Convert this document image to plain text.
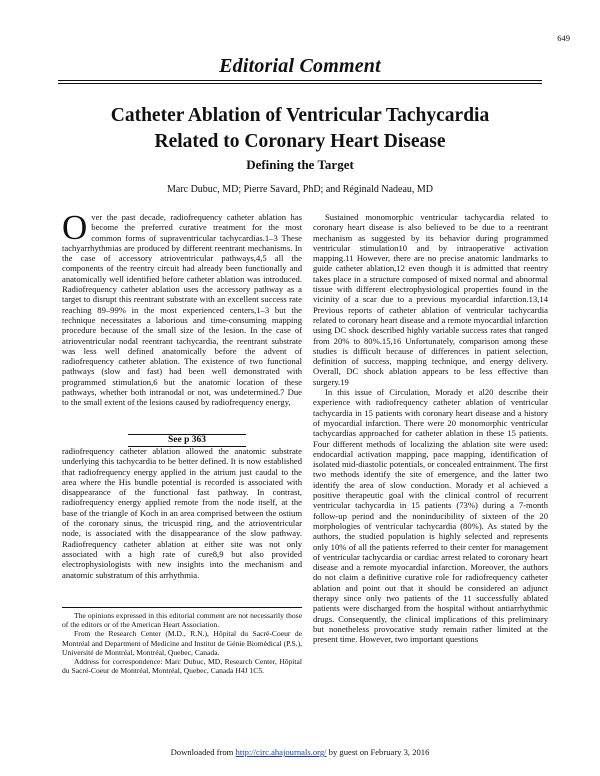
649
Editorial Comment
Catheter Ablation of Ventricular Tachycardia
Related to Coronary Heart Disease
Defining the Target
Marc Dubuc, MD; Pierre Savard, PhD; and Réginald Nadeau, MD
O ver the past decade, radiofrequency catheter ablation has become the preferred curative treatment for the most common forms of supraventricular tachycardias.1–3 These tachyarrhythmias are produced by different reentrant mechanisms. In the case of accessory atrioventricular pathways,4,5 all the components of the reentry circuit had already been functionally and anatomically well identified before catheter ablation was introduced. Radiofrequency catheter ablation uses the accessory pathway as a target to disrupt this reentrant substrate with an excellent success rate reaching 89–99% in the most experienced centers,1–3 but the technique necessitates a laborious and time-consuming mapping procedure because of the small size of the lesion. In the case of atrioventricular nodal reentrant tachycardia, the reentrant substrate was less well defined anatomically before the advent of radiofrequency catheter ablation. The existence of two functional pathways (slow and fast) had been well demonstrated with programmed stimulation,6 but the anatomic location of these pathways, whether both intranodal or not, was undetermined.7 Due to the small extent of the lesions caused by radiofrequency energy,

See p 363

radiofrequency catheter ablation allowed the anatomic substrate underlying this tachycardia to be better defined. It is now established that radiofrequency energy applied in the atrium just caudal to the area where the His bundle potential is recorded is associated with disappearance of the functional fast pathway. In contrast, radiofrequency energy applied remote from the node itself, at the base of the triangle of Koch in an area comprised between the ostium of the coronary sinus, the tricuspid ring, and the atrioventricular node, is associated with the disappearance of the slow pathway. Radiofrequency catheter ablation at either site was not only associated with a high rate of cure8,9 but also provided electrophysiologists with new insights into the mechanism and anatomic substratum of this arrhythmia.

The opinions expressed in this editorial comment are not necessarily those of the editors or of the American Heart Association.

From the Research Center (M.D., R.N.), Hôpital du Sacré-Coeur de Montréal and Department of Medicine and Institut de Génie Biomédical (P.S.), Université de Montréal, Montréal, Quebec, Canada.

Address for correspondence: Marc Dubuc, MD, Research Center, Hôpital du Sacré-Coeur de Montréal, Montréal, Quebec, Canada H4J 1C5.

Sustained monomorphic ventricular tachycardia related to coronary heart disease is also believed to be due to a reentrant mechanism as suggested by its behavior during programmed ventricular stimulation10 and by intraoperative activation mapping.11 However, there are no precise anatomic landmarks to guide catheter ablation,12 even though it is admitted that reentry takes place in a structure composed of mixed normal and abnormal tissue with different electrophysiological properties found in the vicinity of a scar due to a previous myocardial infarction.13,14 Previous reports of catheter ablation of ventricular tachycardia related to coronary heart disease and a remote myocardial infarction using DC shock described highly variable success rates that ranged from 20% to 80%.15,16 Unfortunately, comparison among these studies is difficult because of differences in patient selection, definition of success, mapping technique, and energy delivery. Overall, DC shock ablation appears to be less effective than surgery.19

In this issue of Circulation, Morady et al20 describe their experience with radiofrequency catheter ablation of ventricular tachycardia in 15 patients with coronary heart disease and a history of myocardial infarction. There were 20 monomorphic ventricular tachycardias approached for catheter ablation in these 15 patients. Four different methods of localizing the ablation site were used: endocardial activation mapping, pace mapping, identification of isolated mid-diastolic potentials, or concealed entrainment. The first two methods identify the site of emergence, and the latter two identify the area of slow conduction. Morady et al achieved a positive therapeutic goal with the clinical control of recurrent ventricular tachycardia in 15 patients (73%) during a 7-month follow-up period and the noninducibility of sixteen of the 20 morphologies of ventricular tachycardia (80%). As stated by the authors, the studied population is highly selected and represents only 10% of all the patients referred to their center for management of ventricular tachycardia or cardiac arrest related to coronary heart disease and a remote myocardial infarction. Moreover, the authors do not claim a definitive curative role for radiofrequency catheter ablation and point out that it should be considered an adjunct therapy since only two patients of the 11 successfully ablated patients were discharged from the hospital without antiarrhythmic drugs. Consequently, the clinical implications of this preliminary but nonetheless provocative study remain rather limited at the present time. However, two important questions

Downloaded from http://circ.ahajournals.org/ by guest on February 3, 2016
